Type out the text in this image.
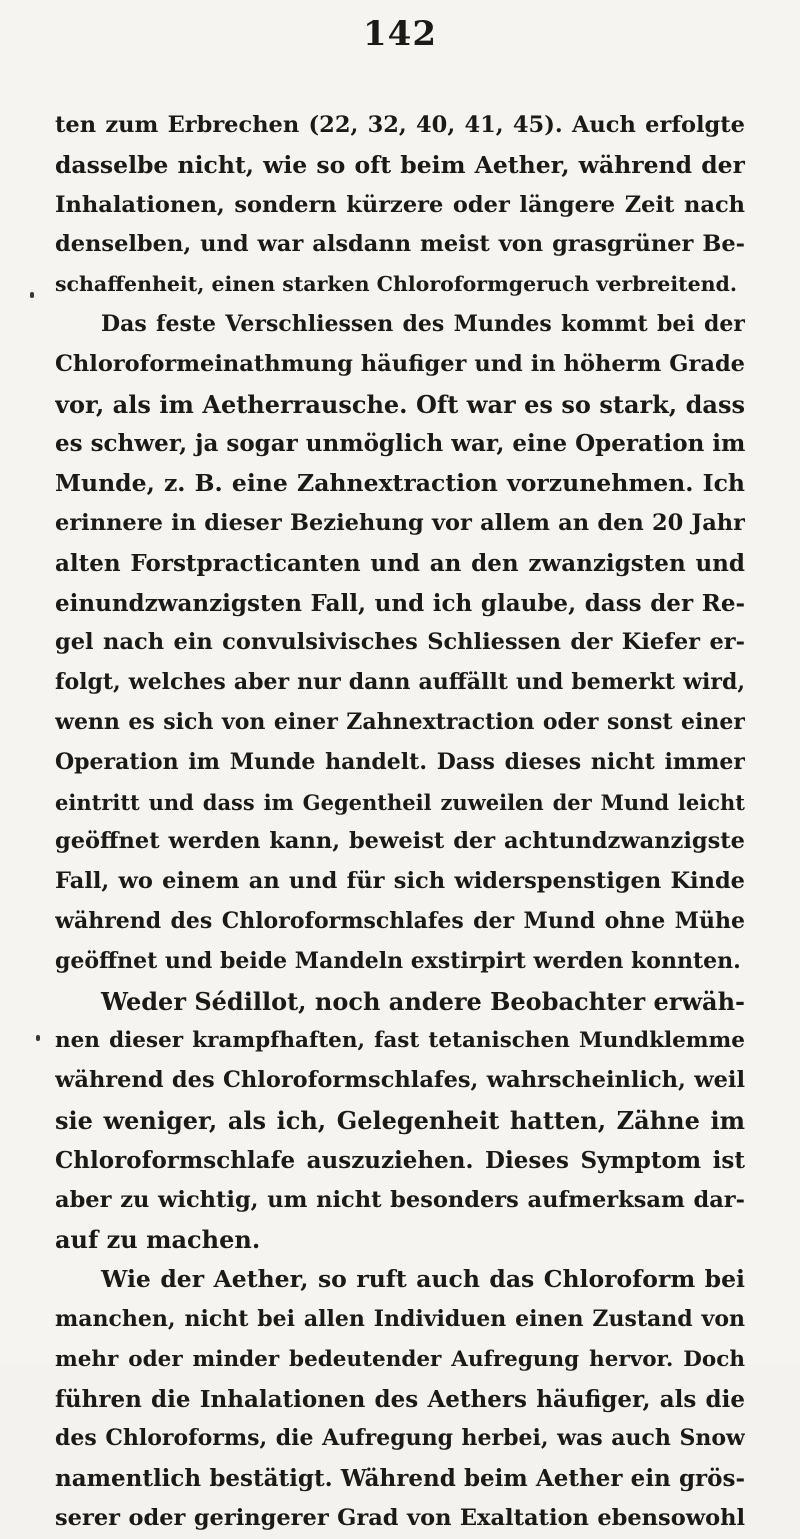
142
ten zum Erbrechen (22, 32, 40, 41, 45). Auch erfolgte
dasselbe nicht, wie so oft beim Aether, während der
Inhalationen, sondern kürzere oder längere Zeit nach
denselben, und war alsdann meist von grasgrüner Be-
schaffenheit, einen starken Chloroformgeruch verbreitend.
Das feste Verschliessen des Mundes kommt bei der
Chloroformeinathmung häufiger und in höherm Grade
vor, als im Aetherrausche. Oft war es so stark, dass
es schwer, ja sogar unmöglich war, eine Operation im
Munde, z. B. eine Zahnextraction vorzunehmen. Ich
erinnere in dieser Beziehung vor allem an den 20 Jahr
alten Forstpracticanten und an den zwanzigsten und
einundzwanzigsten Fall, und ich glaube, dass der Re-
gel nach ein convulsivisches Schliessen der Kiefer er-
folgt, welches aber nur dann auffällt und bemerkt wird,
wenn es sich von einer Zahnextraction oder sonst einer
Operation im Munde handelt. Dass dieses nicht immer
eintritt und dass im Gegentheil zuweilen der Mund leicht
geöffnet werden kann, beweist der achtundzwanzigste
Fall, wo einem an und für sich widerspenstigen Kinde
während des Chloroformschlafes der Mund ohne Mühe
geöffnet und beide Mandeln exstirpirt werden konnten.
Weder Sédillot, noch andere Beobachter erwäh-
nen dieser krampfhaften, fast tetanischen Mundklemme
während des Chloroformschlafes, wahrscheinlich, weil
sie weniger, als ich, Gelegenheit hatten, Zähne im
Chloroformschlafe auszuziehen. Dieses Symptom ist
aber zu wichtig, um nicht besonders aufmerksam dar-
auf zu machen.
Wie der Aether, so ruft auch das Chloroform bei
manchen, nicht bei allen Individuen einen Zustand von
mehr oder minder bedeutender Aufregung hervor. Doch
führen die Inhalationen des Aethers häufiger, als die
des Chloroforms, die Aufregung herbei, was auch Snow
namentlich bestätigt. Während beim Aether ein grös-
serer oder geringerer Grad von Exaltation ebensowohl
